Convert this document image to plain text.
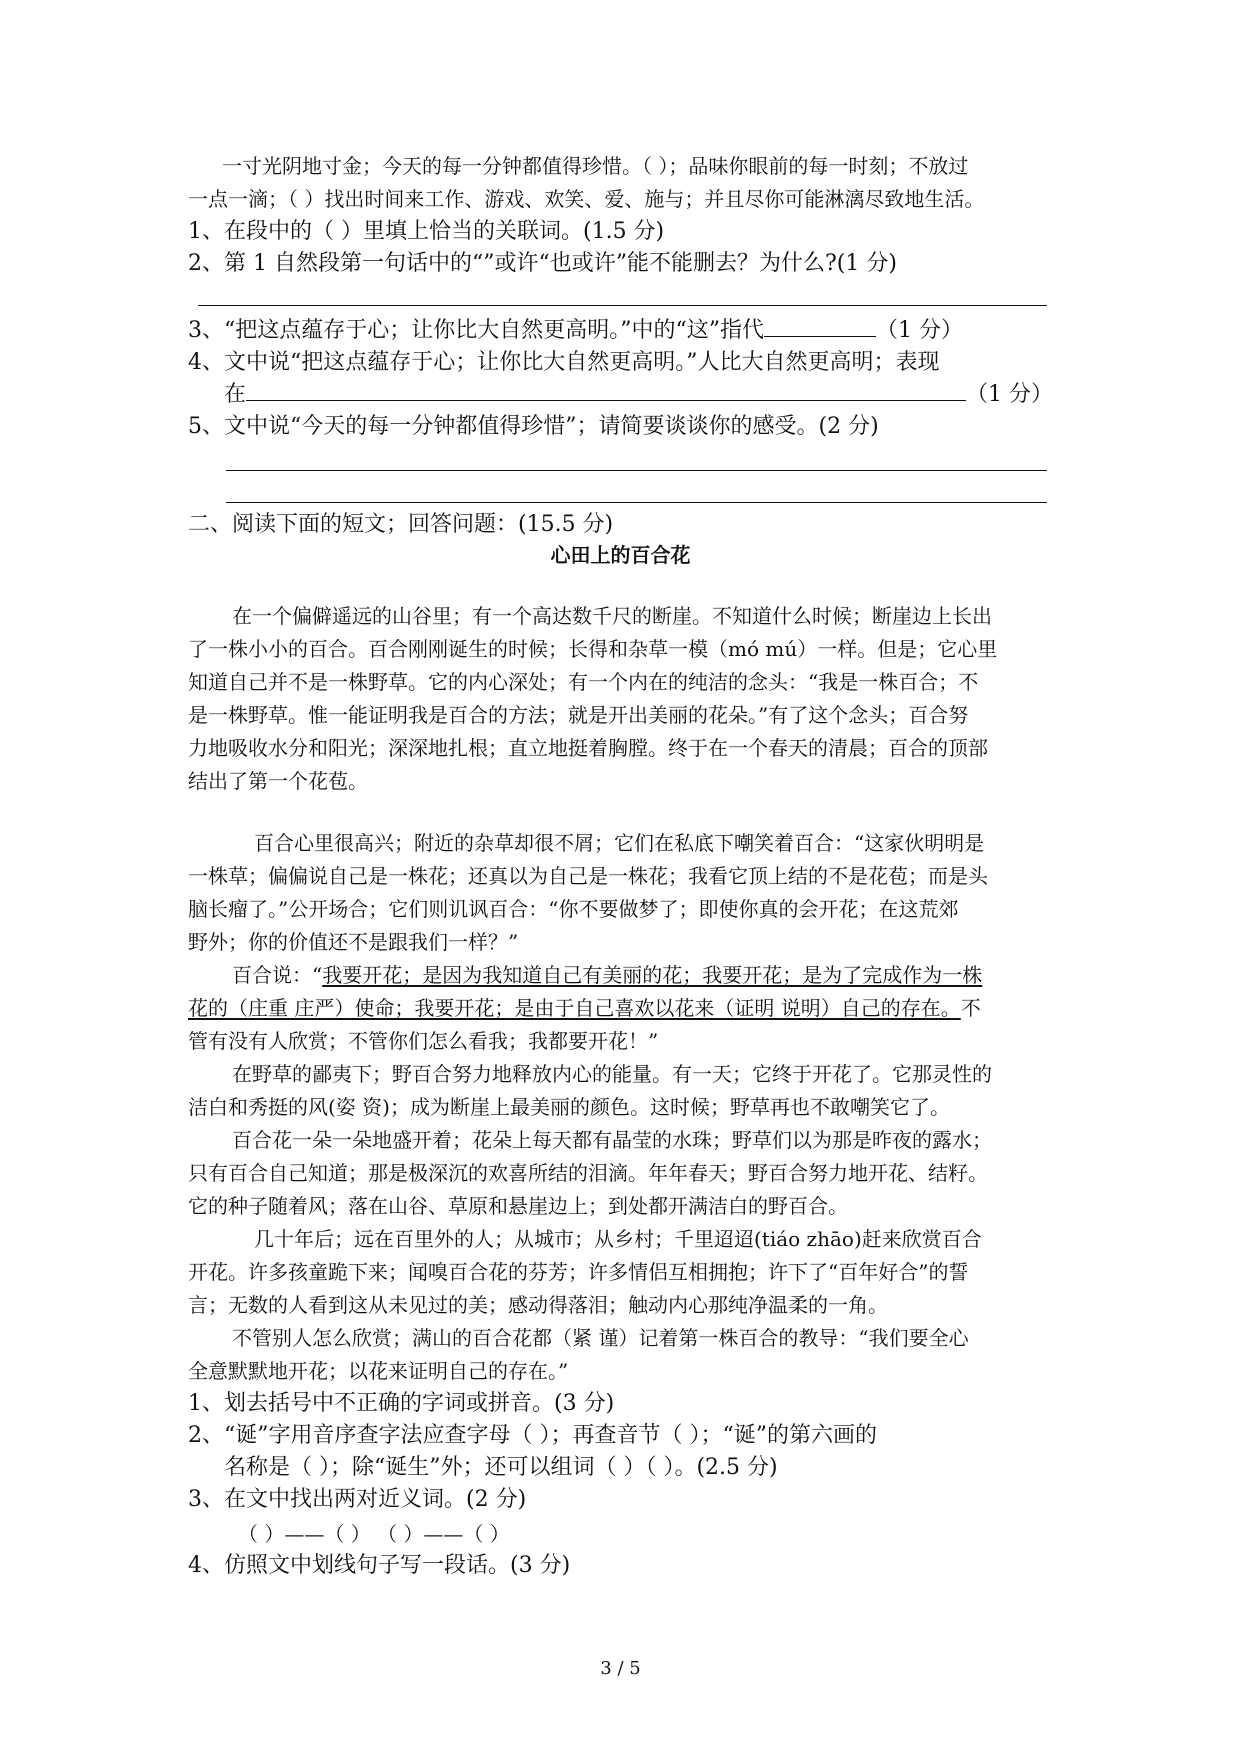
一寸光阴地寸金；今天的每一分钟都值得珍惜。（ ）；品味你眼前的每一时刻；不放过
一点一滴；（ ）找出时间来工作、游戏、欢笑、爱、施与；并且尽你可能淋漓尽致地生活。
1、在段中的（ ）里填上恰当的关联词。(1.5 分)
2、第 1 自然段第一句话中的“”或许“也或许”能不能删去？为什么?(1 分)
3、“把这点蕴存于心；让你比大自然更高明。”中的“这”指代	（1 分）
4、文中说“把这点蕴存于心；让你比大自然更高明。”人比大自然更高明；表现
在	（1 分）
5、文中说“今天的每一分钟都值得珍惜”；请简要谈谈你的感受。(2 分)
二、阅读下面的短文；回答问题：(15.5 分)
心田上的百合花
在一个偏僻遥远的山谷里；有一个高达数千尺的断崖。不知道什么时候；断崖边上长出
了一株小小的百合。百合刚刚诞生的时候；长得和杂草一模（mó mú）一样。但是；它心里
知道自己并不是一株野草。它的内心深处；有一个内在的纯洁的念头：“我是一株百合；不
是一株野草。惟一能证明我是百合的方法；就是开出美丽的花朵。”有了这个念头；百合努
力地吸收水分和阳光；深深地扎根；直立地挺着胸膛。终于在一个春天的清晨；百合的顶部
结出了第一个花苞。
百合心里很高兴；附近的杂草却很不屑；它们在私底下嘲笑着百合：“这家伙明明是
一株草；偏偏说自己是一株花；还真以为自己是一株花；我看它顶上结的不是花苞；而是头
脑长瘤了。”公开场合；它们则讥讽百合：“你不要做梦了；即使你真的会开花；在这荒郊
野外；你的价值还不是跟我们一样？”
百合说：“我要开花；是因为我知道自己有美丽的花；我要开花；是为了完成作为一株
花的（庄重 庄严）使命；我要开花；是由于自己喜欢以花来（证明 说明）自己的存在。不
管有没有人欣赏；不管你们怎么看我；我都要开花！”
在野草的鄙夷下；野百合努力地释放内心的能量。有一天；它终于开花了。它那灵性的
洁白和秀挺的风(姿 资)；成为断崖上最美丽的颜色。这时候；野草再也不敢嘲笑它了。
百合花一朵一朵地盛开着；花朵上每天都有晶莹的水珠；野草们以为那是昨夜的露水；
只有百合自己知道；那是极深沉的欢喜所结的泪滴。年年春天；野百合努力地开花、结籽。
它的种子随着风；落在山谷、草原和悬崖边上；到处都开满洁白的野百合。
几十年后；远在百里外的人；从城市；从乡村；千里迢迢(tiáo zhāo)赶来欣赏百合
开花。许多孩童跪下来；闻嗅百合花的芬芳；许多情侣互相拥抱；许下了“百年好合”的誓
言；无数的人看到这从未见过的美；感动得落泪；触动内心那纯净温柔的一角。
不管别人怎么欣赏；满山的百合花都（紧 谨）记着第一株百合的教导：“我们要全心
全意默默地开花；以花来证明自己的存在。”
1、划去括号中不正确的字词或拼音。(3 分)
2、“诞”字用音序查字法应查字母（ ）；再查音节（ ）；“诞”的第六画的
名称是（ ）；除“诞生”外；还可以组词（ ）（ ）。(2.5 分)
3、在文中找出两对近义词。(2 分)
（ ）——（ ） （ ）——（ ）
4、仿照文中划线句子写一段话。(3 分)
3 / 5
